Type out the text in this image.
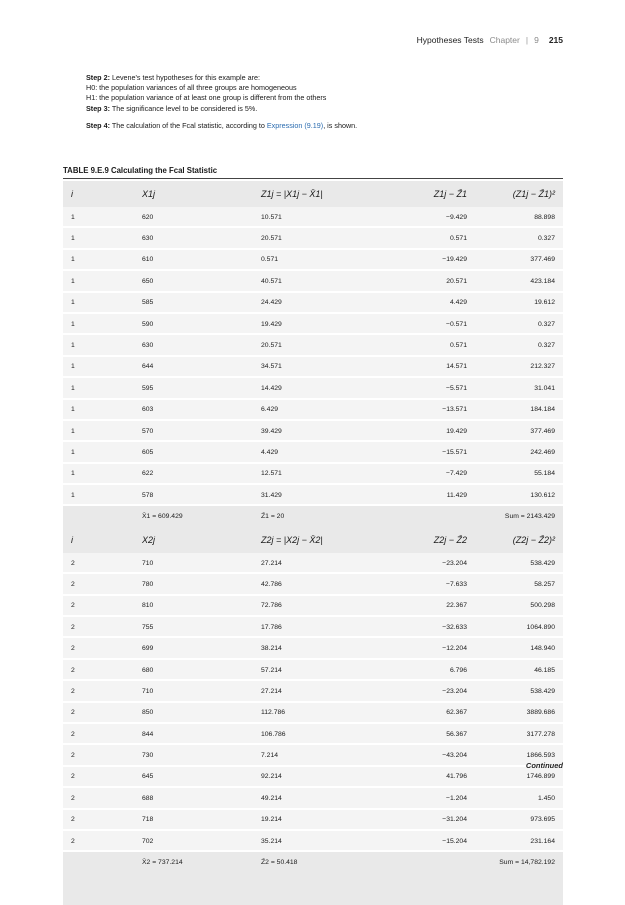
Hypotheses Tests Chapter | 9 215

Step 2: Levene's test hypotheses for this example are:

H0: the population variances of all three groups are homogeneous

H1: the population variance of at least one group is different from the others

Step 3: The significance level to be considered is 5%.

Step 4: The calculation of the Fcal statistic, according to Expression (9.19), is shown.

TABLE 9.E.9 Calculating the Fcal Statistic
i	X1j	Z1j = |X1j − X̄1|	Z1j − Z̄1	(Z1j − Z̄1)²
1	620	10.571	−9.429	88.898
1	630	20.571	0.571	0.327
1	610	0.571	−19.429	377.469
1	650	40.571	20.571	423.184
1	585	24.429	4.429	19.612
1	590	19.429	−0.571	0.327
1	630	20.571	0.571	0.327
1	644	34.571	14.571	212.327
1	595	14.429	−5.571	31.041
1	603	6.429	−13.571	184.184
1	570	39.429	19.429	377.469
1	605	4.429	−15.571	242.469
1	622	12.571	−7.429	55.184
1	578	31.429	11.429	130.612
	X̄1 = 609.429	Z̄1 = 20		Sum = 2143.429
i	X2j	Z2j = |X2j − X̄2|	Z2j − Z̄2	(Z2j − Z̄2)²
2	710	27.214	−23.204	538.429
2	780	42.786	−7.633	58.257
2	810	72.786	22.367	500.298
2	755	17.786	−32.633	1064.890
2	699	38.214	−12.204	148.940
2	680	57.214	6.796	46.185
2	710	27.214	−23.204	538.429
2	850	112.786	62.367	3889.686
2	844	106.786	56.367	3177.278
2	730	7.214	−43.204	1866.593
2	645	92.214	41.796	1746.899
2	688	49.214	−1.204	1.450
2	718	19.214	−31.204	973.695
2	702	35.214	−15.204	231.164
	X̄2 = 737.214	Z̄2 = 50.418		Sum = 14,782.192

Continued
